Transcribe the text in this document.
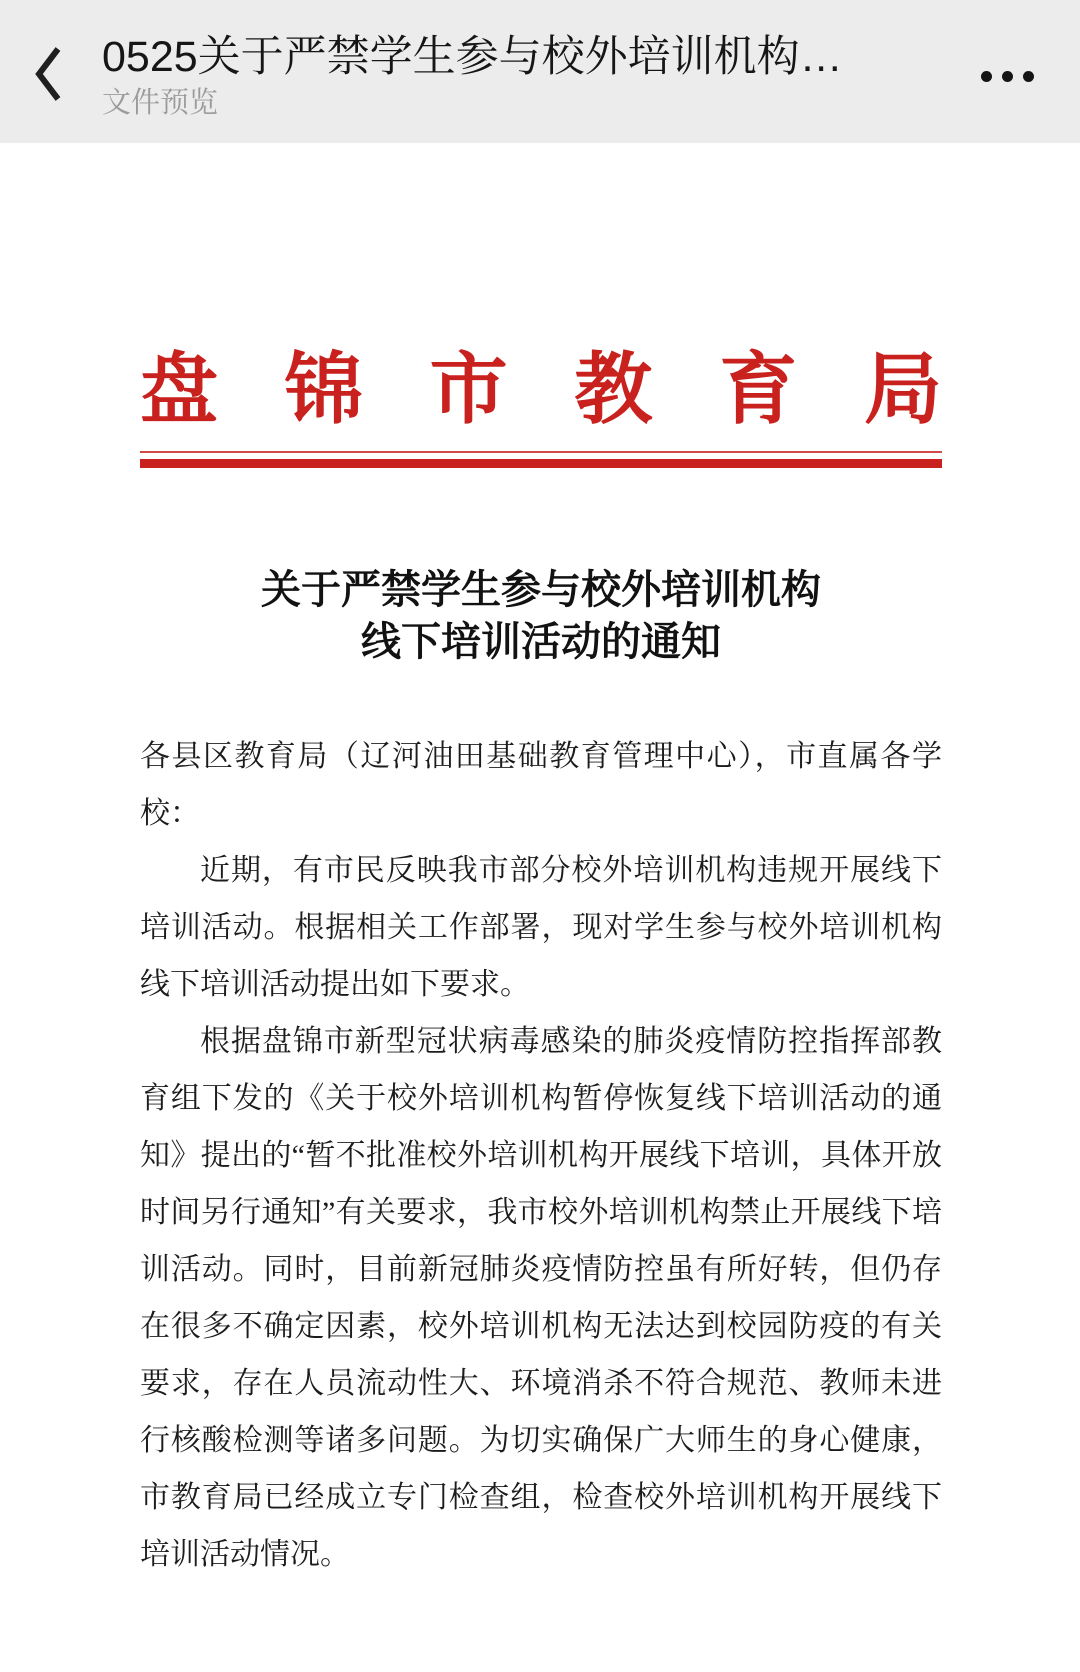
0525关于严禁学生参与校外培训机构…
文件预览
盘 锦 市 教 育 局
关于严禁学生参与校外培训机构
线下培训活动的通知

各县区教育局（辽河油田基础教育管理中心），市直属各学校：

近期，有市民反映我市部分校外培训机构违规开展线下培训活动。根据相关工作部署，现对学生参与校外培训机构线下培训活动提出如下要求。

根据盘锦市新型冠状病毒感染的肺炎疫情防控指挥部教育组下发的《关于校外培训机构暂停恢复线下培训活动的通知》提出的“暂不批准校外培训机构开展线下培训，具体开放时间另行通知”有关要求，我市校外培训机构禁止开展线下培训活动。同时，目前新冠肺炎疫情防控虽有所好转，但仍存在很多不确定因素，校外培训机构无法达到校园防疫的有关要求，存在人员流动性大、环境消杀不符合规范、教师未进行核酸检测等诸多问题。为切实确保广大师生的身心健康，市教育局已经成立专门检查组，检查校外培训机构开展线下培训活动情况。
